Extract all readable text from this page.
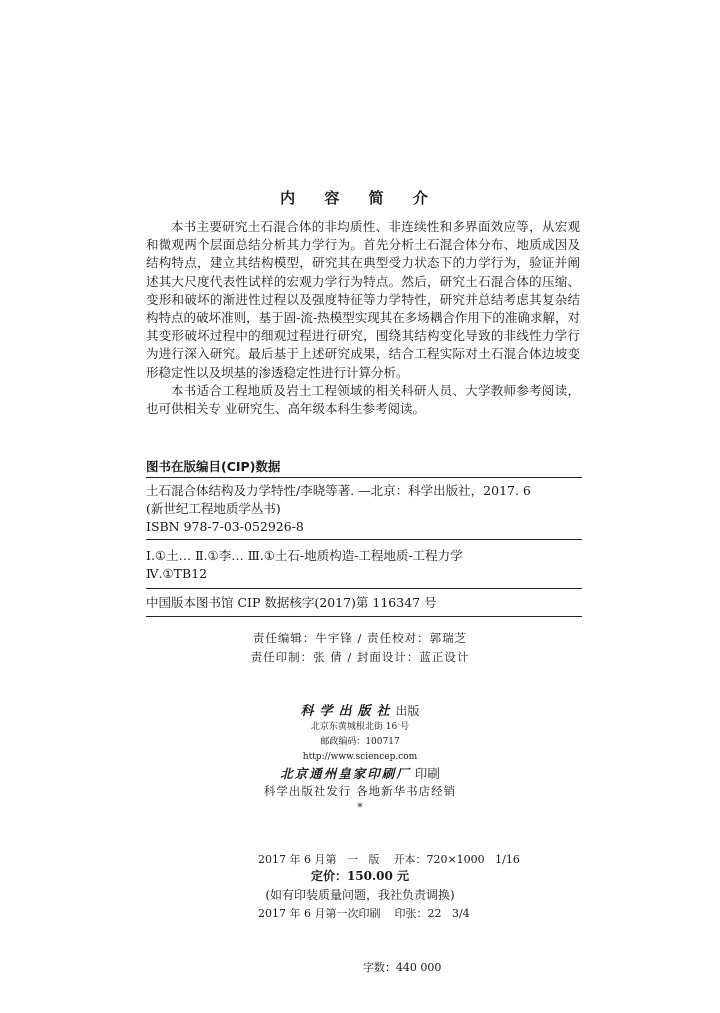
内 容 简 介

本书主要研究土石混合体的非均质性、非连续性和多界面效应等，从宏观和微观两个层面总结分析其力学行为。首先分析土石混合体分布、地质成因及结构特点，建立其结构模型，研究其在典型受力状态下的力学行为，验证并阐述其大尺度代表性试样的宏观力学行为特点。然后，研究土石混合体的压缩、变形和破坏的渐进性过程以及强度特征等力学特性，研究并总结考虑其复杂结构特点的破坏准则，基于固-流-热模型实现其在多场耦合作用下的准确求解，对其变形破坏过程中的细观过程进行研究，围绕其结构变化导致的非线性力学行为进行深入研究。最后基于上述研究成果，结合工程实际对土石混合体边坡变形稳定性以及坝基的渗透稳定性进行计算分析。

本书适合工程地质及岩土工程领域的相关科研人员、大学教师参考阅读，也可供相关专 业研究生、高年级本科生参考阅读。

图书在版编目(CIP)数据
土石混合体结构及力学特性/李晓等著. —北京：科学出版社，2017. 6
(新世纪工程地质学丛书)
ISBN 978-7-03-052926-8
Ⅰ.①土… Ⅱ.①李… Ⅲ.①土石-地质构造-工程地质-工程力学
Ⅳ.①TB12
中国版本图书馆 CIP 数据核字(2017)第 116347 号
责任编辑：牛宇锋 / 责任校对：郭瑞芝
责任印制：张 倩 / 封面设计：蓝正设计
科学出版社出版
北京东黄城根北街 16 号
邮政编码：100717
http://www.sciencep.com
北京通州皇家印刷厂 印刷
科学出版社发行 各地新华书店经销
*

2017 年 6 月第   一   版    开本：720×1000   1/16

2017 年 6 月第一次印刷    印张：22   3/4

字数：440 000

定价：150.00 元
(如有印装质量问题，我社负责调换)
